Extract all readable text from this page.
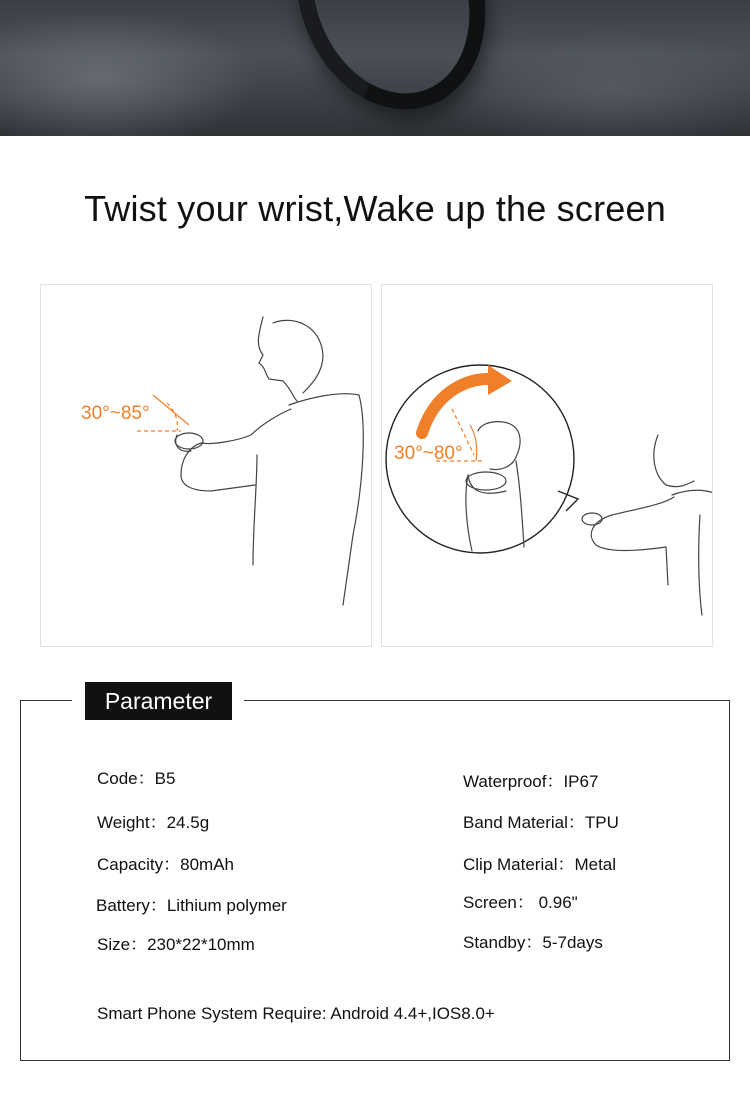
Twist your wrist,Wake up the screen
30°~85°
30°~80°
Parameter
Code：B5
Weight：24.5g
Capacity：80mAh
Battery：Lithium polymer
Size：230*22*10mm
Waterproof：IP67
Band Material：TPU
Clip Material：Metal
Screen： 0.96"
Standby：5-7days
Smart Phone System Require: Android 4.4+,IOS8.0+
